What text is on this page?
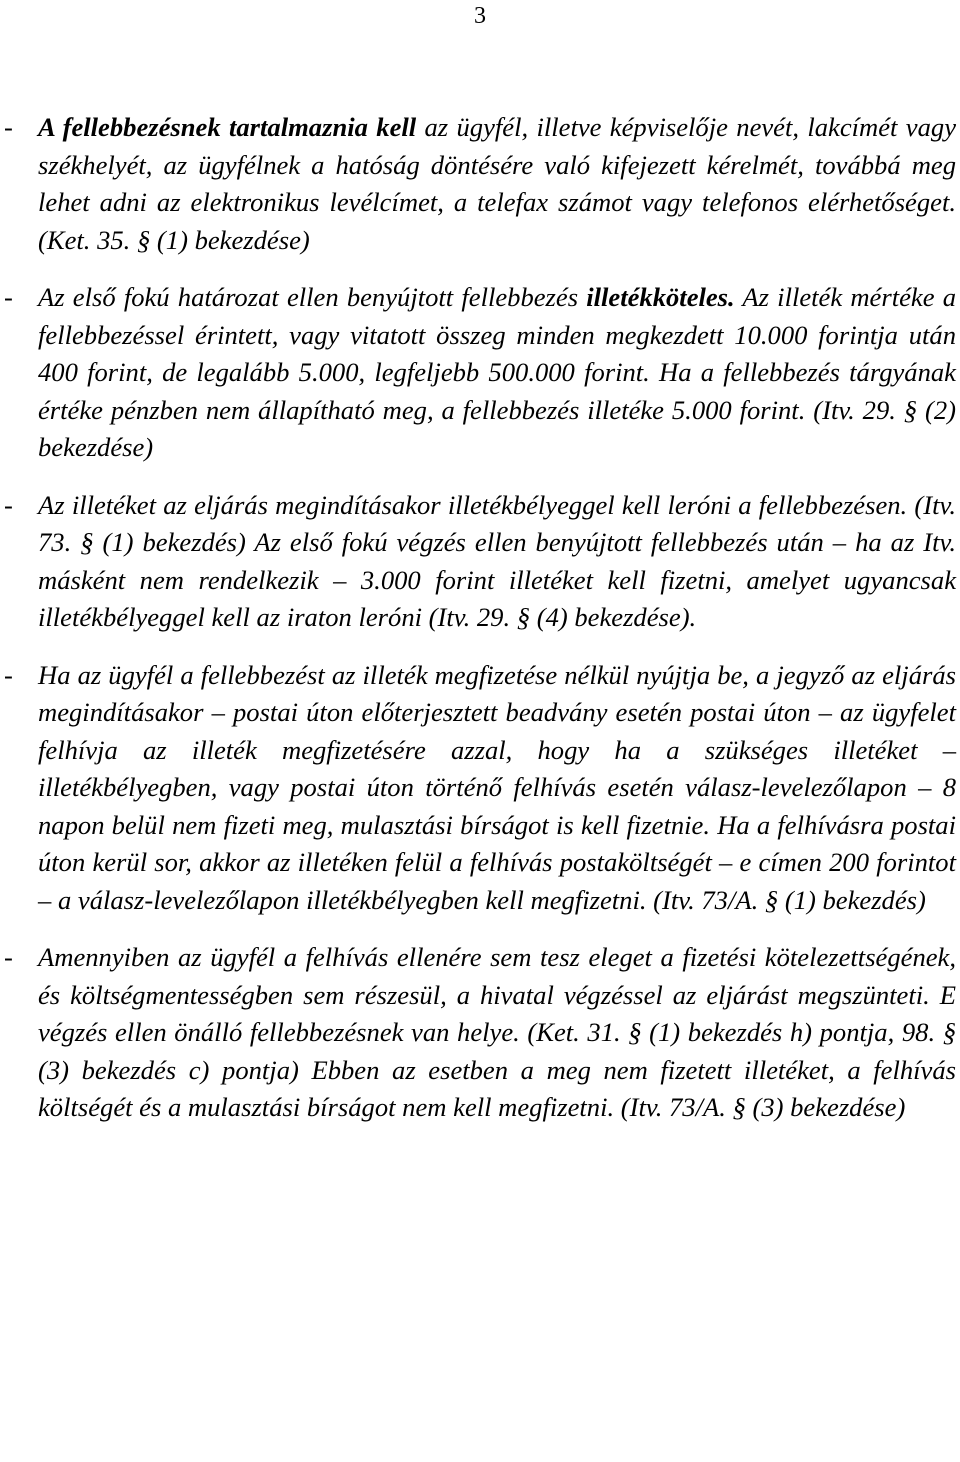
3
- A fellebbezésnek tartalmaznia kell az ügyfél, illetve képviselője nevét, lakcímét vagy székhelyét, az ügyfélnek a hatóság döntésére való kifejezett kérelmét, továbbá meg lehet adni az elektronikus levélcímet, a telefax számot vagy telefonos elérhetőséget. (Ket. 35. § (1) bekezdése)
- Az első fokú határozat ellen benyújtott fellebbezés illetékköteles. Az illeték mértéke a fellebbezéssel érintett, vagy vitatott összeg minden megkezdett 10.000 forintja után 400 forint, de legalább 5.000, legfeljebb 500.000 forint. Ha a fellebbezés tárgyának értéke pénzben nem állapítható meg, a fellebbezés illetéke 5.000 forint. (Itv. 29. § (2) bekezdése)
- Az illetéket az eljárás megindításakor illetékbélyeggel kell leróni a fellebbezésen. (Itv. 73. § (1) bekezdés) Az első fokú végzés ellen benyújtott fellebbezés után – ha az Itv. másként nem rendelkezik – 3.000 forint illetéket kell fizetni, amelyet ugyancsak illetékbélyeggel kell az iraton leróni (Itv. 29. § (4) bekezdése).
- Ha az ügyfél a fellebbezést az illeték megfizetése nélkül nyújtja be, a jegyző az eljárás megindításakor – postai úton előterjesztett beadvány esetén postai úton – az ügyfelet felhívja az illeték megfizetésére azzal, hogy ha a szükséges illetéket – illetékbélyegben, vagy postai úton történő felhívás esetén válasz-levelezőlapon – 8 napon belül nem fizeti meg, mulasztási bírságot is kell fizetnie. Ha a felhívásra postai úton kerül sor, akkor az illetéken felül a felhívás postaköltségét – e címen 200 forintot – a válasz-levelezőlapon illetékbélyegben kell megfizetni. (Itv. 73/A. § (1) bekezdés)
- Amennyiben az ügyfél a felhívás ellenére sem tesz eleget a fizetési kötelezettségének, és költségmentességben sem részesül, a hivatal végzéssel az eljárást megszünteti. E végzés ellen önálló fellebbezésnek van helye. (Ket. 31. § (1) bekezdés h) pontja, 98. § (3) bekezdés c) pontja) Ebben az esetben a meg nem fizetett illetéket, a felhívás költségét és a mulasztási bírságot nem kell megfizetni. (Itv. 73/A. § (3) bekezdése)
